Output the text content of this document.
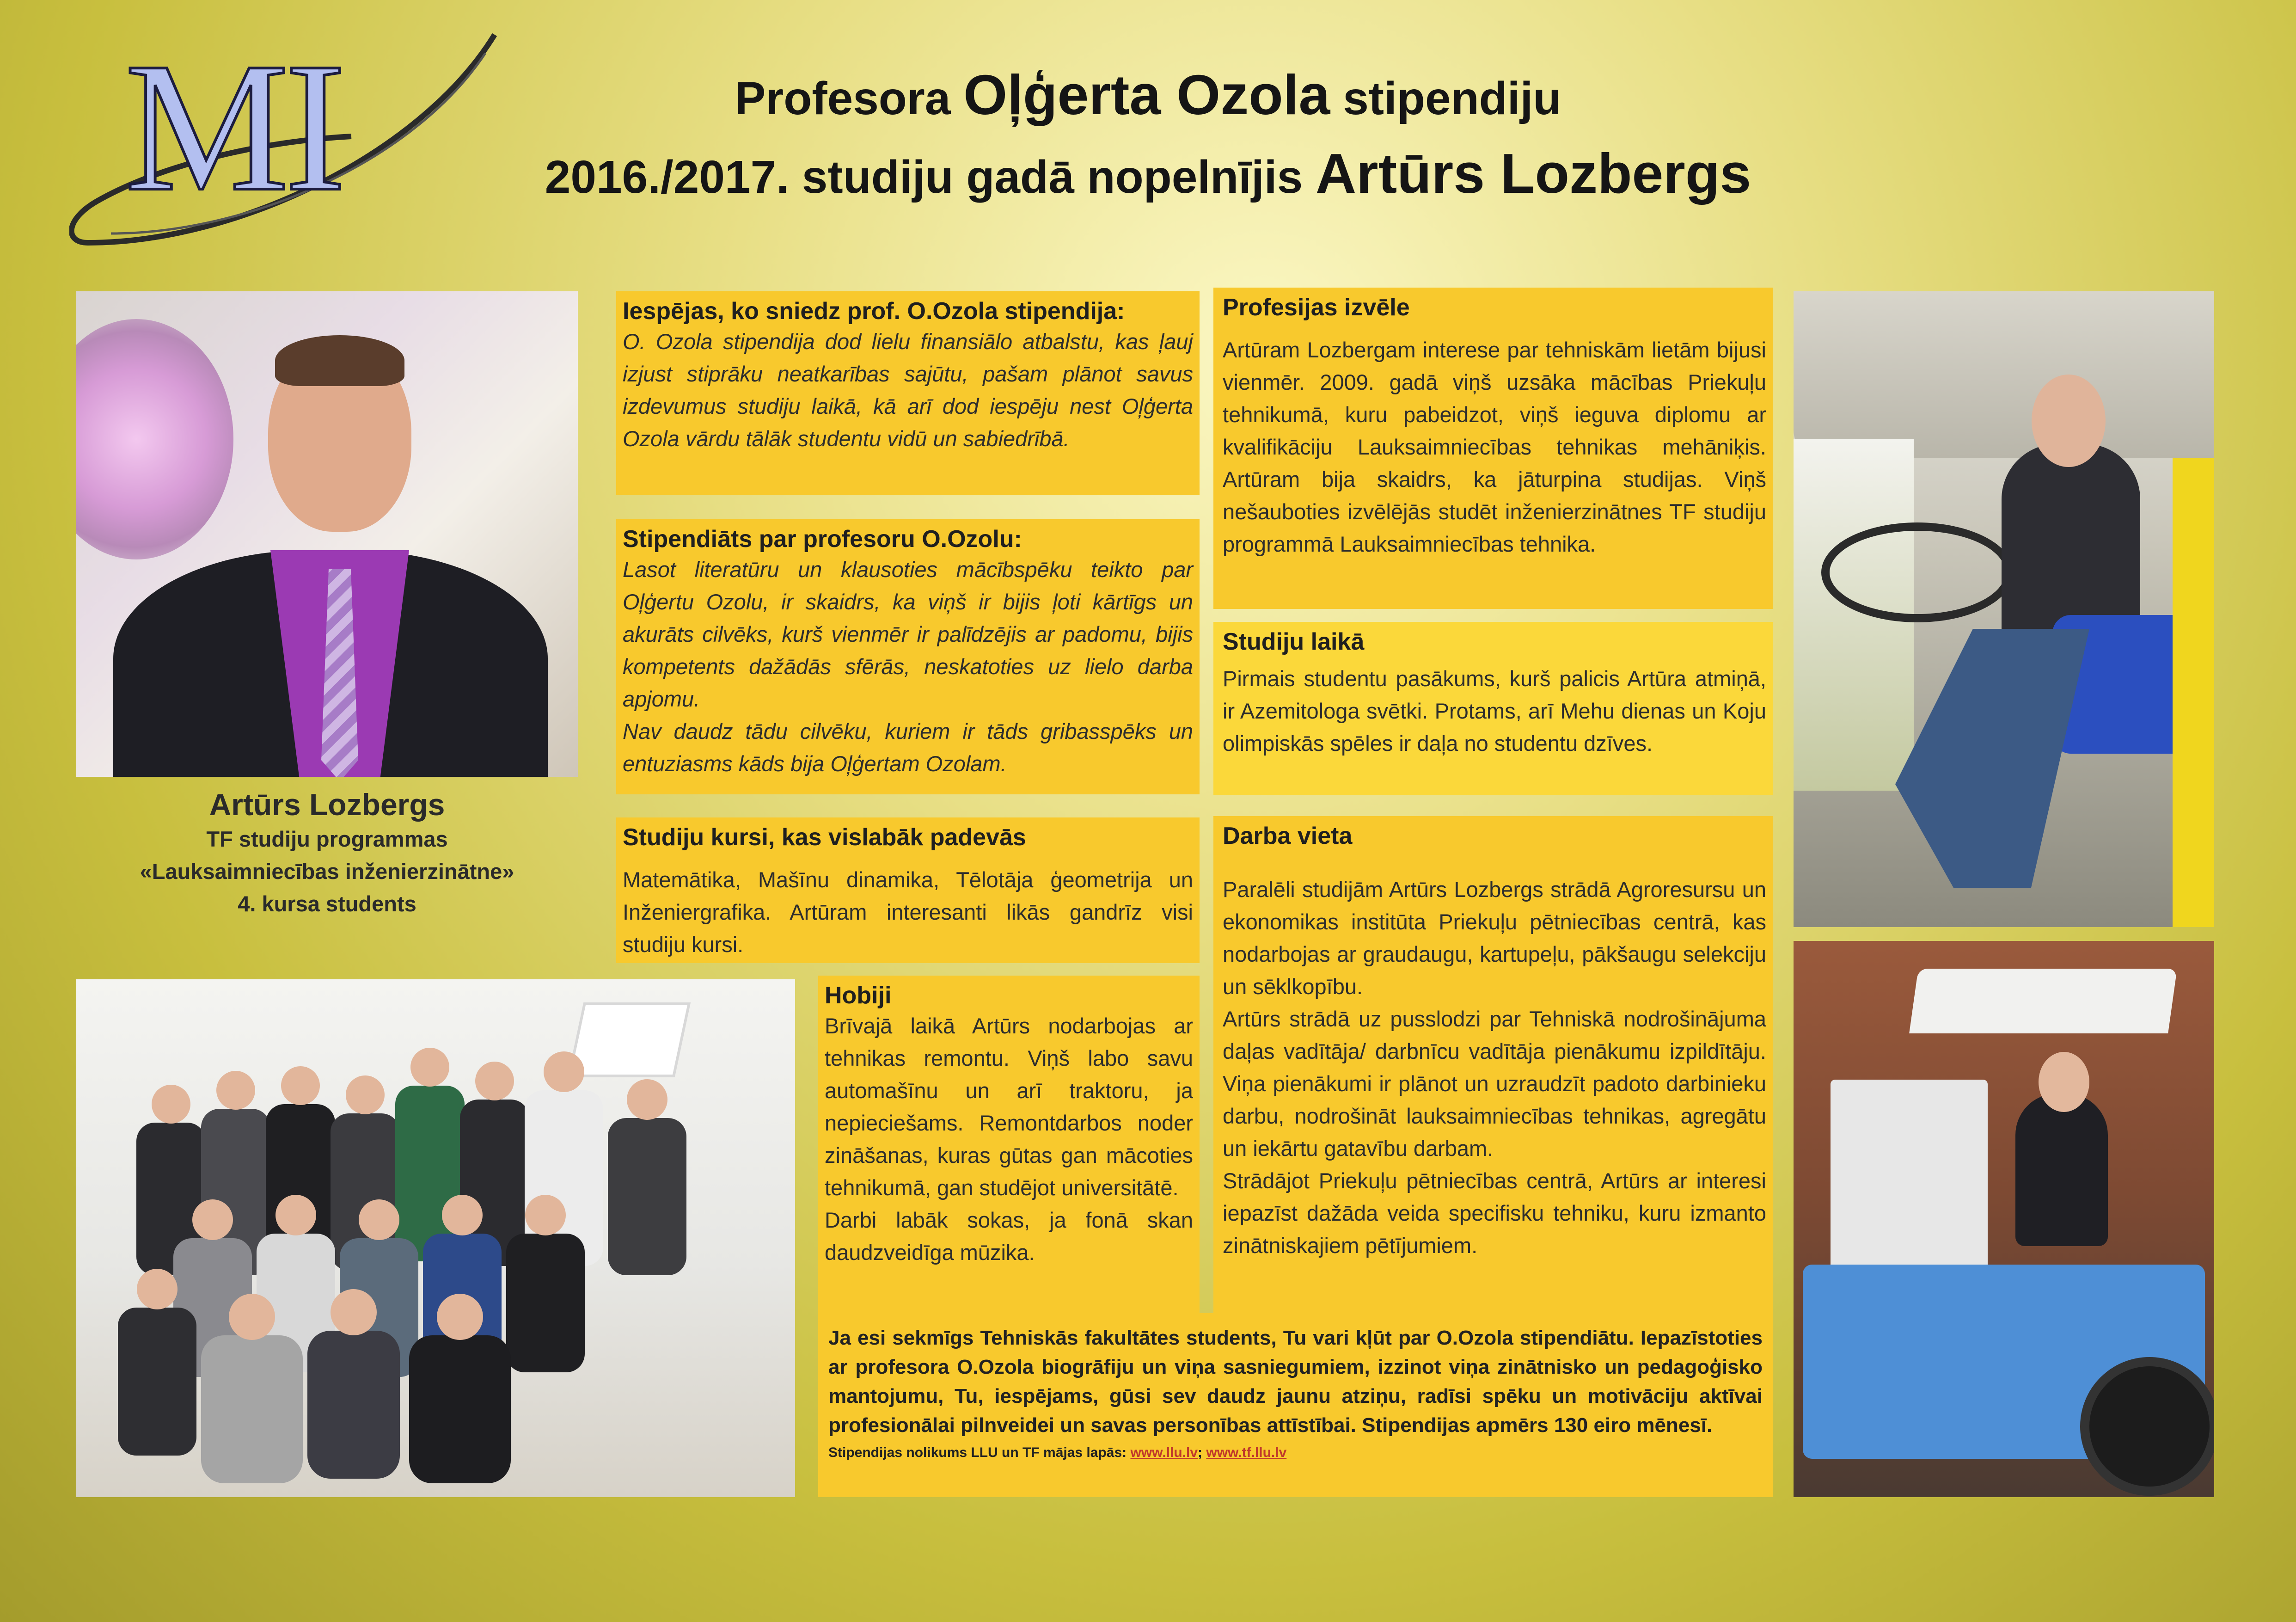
MI	Profesora Oļģerta Ozola stipendiju
2016./2017. studiju gadā nopelnījis Artūrs Lozbergs
Artūrs Lozbergs
TF studiju programmas
«Lauksaimniecības inženierzinātne»
4. kursa students
Iespējas, ko sniedz prof. O.Ozola stipendija:
O. Ozola stipendija dod lielu finansiālo atbalstu, kas ļauj izjust stiprāku neatkarības sajūtu, pašam plānot savus izdevumus studiju laikā, kā arī dod iespēju nest Oļģerta Ozola vārdu tālāk studentu vidū un sabiedrībā.
Stipendiāts par profesoru O.Ozolu:
Lasot literatūru un klausoties mācībspēku teikto par Oļģertu Ozolu, ir skaidrs, ka viņš ir bijis ļoti kārtīgs un akurāts cilvēks, kurš vienmēr ir palīdzējis ar padomu, bijis kompetents dažādās sfērās, neskatoties uz lielo darba apjomu.
Nav daudz tādu cilvēku, kuriem ir tāds gribasspēks un entuziasms kāds bija Oļģertam Ozolam.
Studiju kursi, kas vislabāk padevās
Matemātika, Mašīnu dinamika, Tēlotāja ģeometrija un Inženiergrafika. Artūram interesanti likās gandrīz visi studiju kursi.
Hobiji
Brīvajā laikā Artūrs nodarbojas ar tehnikas remontu. Viņš labo savu automašīnu un arī traktoru, ja nepieciešams. Remontdarbos noder zināšanas, kuras gūtas gan mācoties tehnikumā, gan studējot universitātē.
Darbi labāk sokas, ja fonā skan daudzveidīga mūzika.
Profesijas izvēle
Artūram Lozbergam interese par tehniskām lietām bijusi vienmēr. 2009. gadā viņš uzsāka mācības Priekuļu tehnikumā, kuru pabeidzot, viņš ieguva diplomu ar kvalifikāciju Lauksaimniecības tehnikas mehāniķis. Artūram bija skaidrs, ka jāturpina studijas. Viņš nešauboties izvēlējās studēt inženierzinātnes TF studiju programmā Lauksaimniecības tehnika.
Studiju laikā
Pirmais studentu pasākums, kurš palicis Artūra atmiņā, ir Azemitologa svētki. Protams, arī Mehu dienas un Koju olimpiskās spēles ir daļa no studentu dzīves.
Darba vieta
Paralēli studijām Artūrs Lozbergs strādā Agroresursu un ekonomikas institūta Priekuļu pētniecības centrā, kas nodarbojas ar graudaugu, kartupeļu, pākšaugu selekciju un sēklkopību.
Artūrs strādā uz pusslodzi par Tehniskā nodrošinājuma daļas vadītāja/ darbnīcu vadītāja pienākumu izpildītāju. Viņa pienākumi ir plānot un uzraudzīt padoto darbinieku darbu, nodrošināt lauksaimniecības tehnikas, agregātu un iekārtu gatavību darbam.
Strādājot Priekuļu pētniecības centrā, Artūrs ar interesi iepazīst dažāda veida specifisku tehniku, kuru izmanto zinātniskajiem pētījumiem.
Ja esi sekmīgs Tehniskās fakultātes students, Tu vari kļūt par O.Ozola stipendiātu. Iepazīstoties ar profesora O.Ozola biogrāfiju un viņa sasniegumiem, izzinot viņa zinātnisko un pedagoģisko mantojumu, Tu, iespējams, gūsi sev daudz jaunu atziņu, radīsi spēku un motivāciju aktīvai profesionālai pilnveidei un savas personības attīstībai. Stipendijas apmērs 130 eiro mēnesī.
Stipendijas nolikums LLU un TF mājas lapās: www.llu.lv; www.tf.llu.lv
